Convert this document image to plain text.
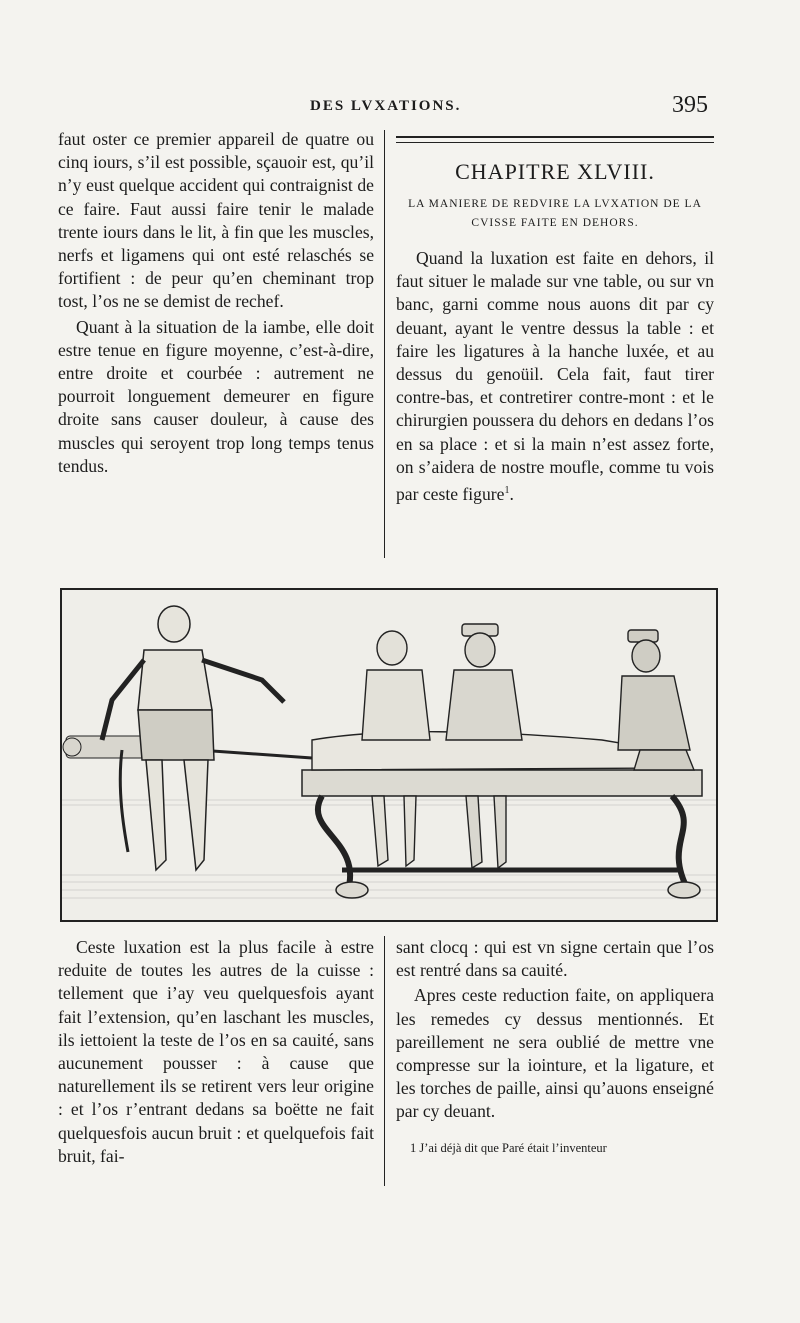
DES LVXATIONS.	395

faut oster ce premier appareil de quatre ou cinq iours, s’il est possible, sçauoir est, qu’il n’y eust quelque accident qui contraignist de ce faire. Faut aussi faire tenir le malade trente iours dans le lit, à fin que les muscles, nerfs et ligamens qui ont esté relaschés se fortifient : de peur qu’en cheminant trop tost, l’os ne se demist de rechef.

Quant à la situation de la iambe, elle doit estre tenue en figure moyenne, c’est-à-dire, entre droite et courbée : autrement ne pourroit longuement demeurer en figure droite sans causer douleur, à cause des muscles qui seroyent trop long temps tenus tendus.

CHAPITRE XLVIII.
LA MANIERE DE REDVIRE LA LVXATION DE LA CVISSE FAITE EN DEHORS.

Quand la luxation est faite en dehors, il faut situer le malade sur vne table, ou sur vn banc, garni comme nous auons dit par cy deuant, ayant le ventre dessus la table : et faire les ligatures à la hanche luxée, et au dessus du genoüil. Cela fait, faut tirer contre-bas, et contretirer contre-mont : et le chirurgien poussera du dehors en dedans l’os en sa place : et si la main n’est assez forte, on s’aidera de nostre moufle, comme tu vois par ceste figure$^1$.

Ceste luxation est la plus facile à estre reduite de toutes les autres de la cuisse : tellement que i’ay veu quelquesfois ayant fait l’extension, qu’en laschant les muscles, ils iettoient la teste de l’os en sa cauité, sans aucunement pousser : à cause que naturellement ils se retirent vers leur origine : et l’os r’entrant dedans sa boëtte ne fait quelquesfois aucun bruit : et quelquefois fait bruit, fai-

sant clocq : qui est vn signe certain que l’os est rentré dans sa cauité.

Apres ceste reduction faite, on appliquera les remedes cy dessus mentionnés. Et pareillement ne sera oublié de mettre vne compresse sur la iointure, et la ligature, et les torches de paille, ainsi qu’auons enseigné par cy deuant.

1 J’ai déjà dit que Paré était l’inventeur
